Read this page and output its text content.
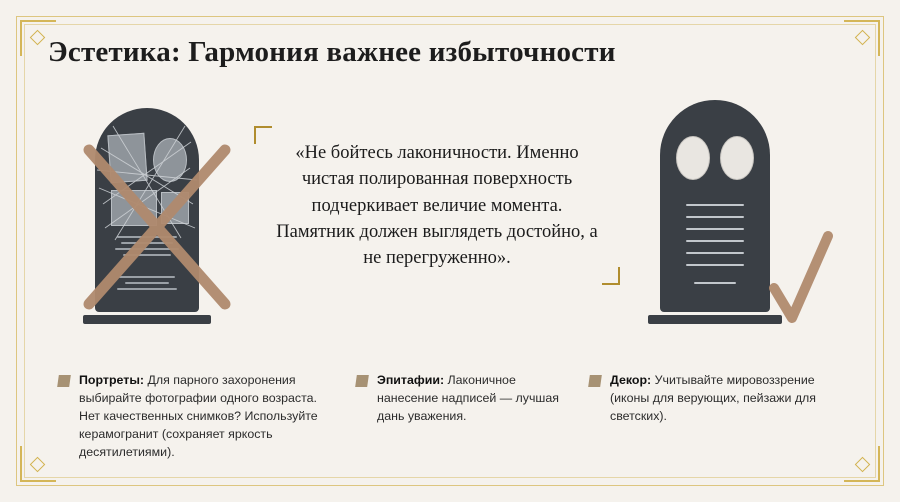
Эстетика: Гармония важнее избыточности
«Не бойтесь лаконичности. Именно чистая полированная поверхность подчеркивает величие момента. Памятник должен выглядеть достойно, а не перегруженно».
Портреты: Для парного захоронения выбирайте фотографии одного возраста. Нет качественных снимков? Используйте керамогранит (сохраняет яркость десятилетиями).
Эпитафии: Лаконичное нанесение надписей — лучшая дань уважения.
Декор: Учитывайте мировоззрение (иконы для верующих, пейзажи для светских).
